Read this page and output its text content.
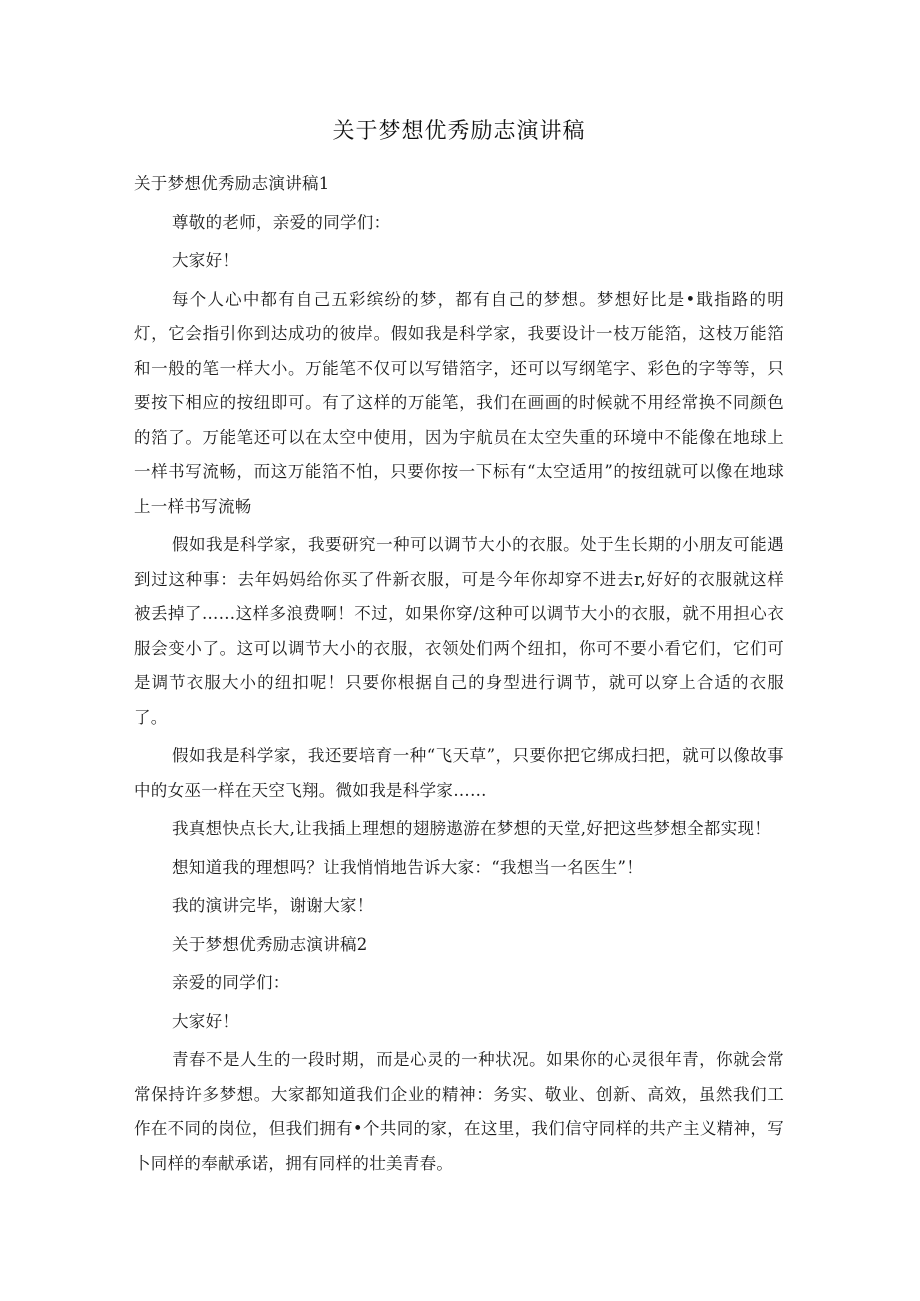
关于梦想优秀励志演讲稿

关于梦想优秀励志演讲稿1

尊敬的老师，亲爱的同学们：

大家好！

每个人心中都有自己五彩缤纷的梦，都有自己的梦想。梦想好比是•戢指路的明灯，它会指引你到达成功的彼岸。假如我是科学家，我要设计一枝万能箔，这枝万能箔和一般的笔一样大小。万能笔不仅可以写错箔字，还可以写纲笔字、彩色的字等等，只要按下相应的按纽即可。有了这样的万能笔，我们在画画的时候就不用经常换不同颜色的箔了。万能笔还可以在太空中使用，因为宇航员在太空失重的环境中不能像在地球上一样书写流畅，而这万能箔不怕，只要你按一下标有“太空适用”的按纽就可以像在地球上一样书写流畅

假如我是科学家，我要研究一种可以调节大小的衣服。处于生长期的小朋友可能遇到过这种事：去年妈妈给你买了件新衣服，可是今年你却穿不进去r,好好的衣服就这样被丢掉了……这样多浪费啊！不过，如果你穿/这种可以调节大小的衣服，就不用担心衣服会变小了。这可以调节大小的衣服，衣领处们两个纽扣，你可不要小看它们，它们可是调节衣服大小的纽扣呢！只要你根据自己的身型进行调节，就可以穿上合适的衣服了。

假如我是科学家，我还要培育一种“飞天草”，只要你把它绑成扫把，就可以像故事中的女巫一样在天空飞翔。微如我是科学家……

我真想快点长大,让我插上理想的翅膀遨游在梦想的天堂,好把这些梦想全都实现！

想知道我的理想吗？让我悄悄地告诉大家：“我想当一名医生”！

我的演讲完毕，谢谢大家！

关于梦想优秀励志演讲稿2

亲爱的同学们：

大家好！

青春不是人生的一段时期，而是心灵的一种状况。如果你的心灵很年青，你就会常常保持许多梦想。大家都知道我们企业的精神：务实、敬业、创新、高效，虽然我们工作在不同的岗位，但我们拥有•个共同的家，在这里，我们信守同样的共产主义精神，写卜同样的奉献承诺，拥有同样的壮美青春。
